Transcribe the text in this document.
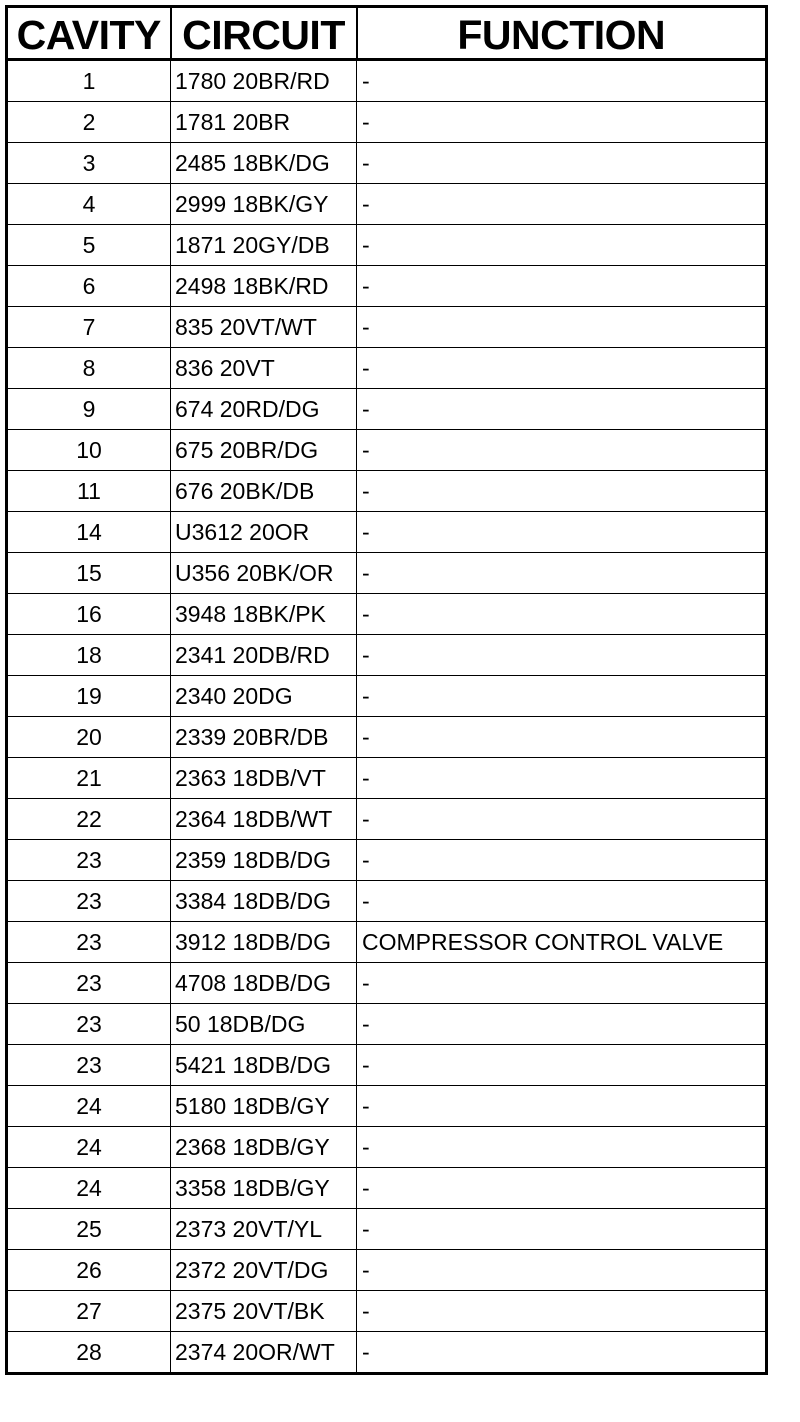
CAVITY	CIRCUIT	FUNCTION
1	1780 20BR/RD	-
2	1781 20BR	-
3	2485 18BK/DG	-
4	2999 18BK/GY	-
5	1871 20GY/DB	-
6	2498 18BK/RD	-
7	835 20VT/WT	-
8	836 20VT	-
9	674 20RD/DG	-
10	675 20BR/DG	-
11	676 20BK/DB	-
14	U3612 20OR	-
15	U356 20BK/OR	-
16	3948 18BK/PK	-
18	2341 20DB/RD	-
19	2340 20DG	-
20	2339 20BR/DB	-
21	2363 18DB/VT	-
22	2364 18DB/WT	-
23	2359 18DB/DG	-
23	3384 18DB/DG	-
23	3912 18DB/DG	COMPRESSOR CONTROL VALVE
23	4708 18DB/DG	-
23	50 18DB/DG	-
23	5421 18DB/DG	-
24	5180 18DB/GY	-
24	2368 18DB/GY	-
24	3358 18DB/GY	-
25	2373 20VT/YL	-
26	2372 20VT/DG	-
27	2375 20VT/BK	-
28	2374 20OR/WT	-
